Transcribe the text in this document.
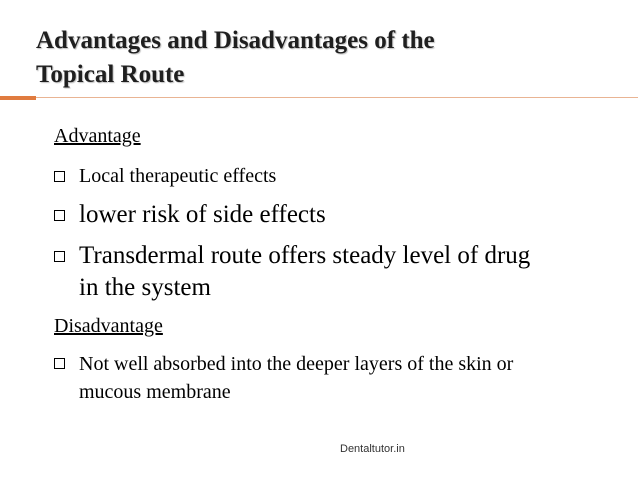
Advantages and Disadvantages of the
Topical Route
Advantage
Local therapeutic effects
lower risk of side effects
Transdermal route offers steady level of drug in the system
Disadvantage
Not well absorbed into the deeper layers of the skin or mucous membrane
Dentaltutor.in
